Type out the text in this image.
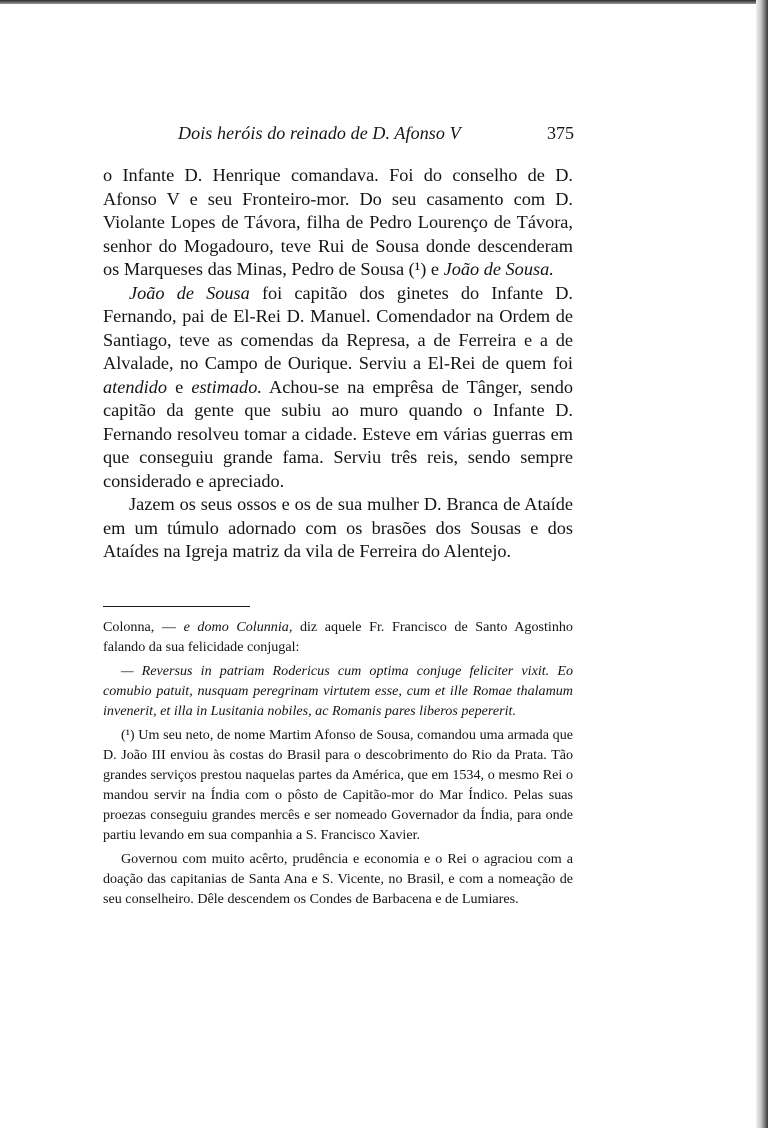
Dois heróis do reinado de D. Afonso V	375

o Infante D. Henrique comandava. Foi do conselho de D. Afonso V e seu Fronteiro-mor. Do seu casamento com D. Violante Lopes de Távora, filha de Pedro Lourenço de Távora, senhor do Mogadouro, teve Rui de Sousa donde descenderam os Marqueses das Minas, Pedro de Sousa (¹) e João de Sousa.

João de Sousa foi capitão dos ginetes do Infante D. Fernando, pai de El-Rei D. Manuel. Comendador na Ordem de Santiago, teve as comendas da Represa, a de Ferreira e a de Alvalade, no Campo de Ourique. Serviu a El-Rei de quem foi atendido e estimado. Achou-se na emprêsa de Tânger, sendo capitão da gente que subiu ao muro quando o Infante D. Fernando resolveu tomar a cidade. Esteve em várias guerras em que conseguiu grande fama. Serviu três reis, sendo sempre considerado e apreciado.

Jazem os seus ossos e os de sua mulher D. Branca de Ataíde em um túmulo adornado com os brasões dos Sousas e dos Ataídes na Igreja matriz da vila de Ferreira do Alentejo.

Colonna, — e domo Colunnia, diz aquele Fr. Francisco de Santo Agostinho falando da sua felicidade conjugal:

— Reversus in patriam Rodericus cum optima conjuge feliciter vixit. Eo comubio patuit, nusquam peregrinam virtutem esse, cum et ille Romae thalamum invenerit, et illa in Lusitania nobiles, ac Romanis pares liberos pepererit.

(¹) Um seu neto, de nome Martim Afonso de Sousa, comandou uma armada que D. João III enviou às costas do Brasil para o descobrimento do Rio da Prata. Tão grandes serviços prestou naquelas partes da América, que em 1534, o mesmo Rei o mandou servir na Índia com o pôsto de Capitão-mor do Mar Índico. Pelas suas proezas conseguiu grandes mercês e ser nomeado Governador da Índia, para onde partiu levando em sua companhia a S. Francisco Xavier.

Governou com muito acêrto, prudência e economia e o Rei o agraciou com a doação das capitanias de Santa Ana e S. Vicente, no Brasil, e com a nomeação de seu conselheiro. Dêle descendem os Condes de Barbacena e de Lumiares.
